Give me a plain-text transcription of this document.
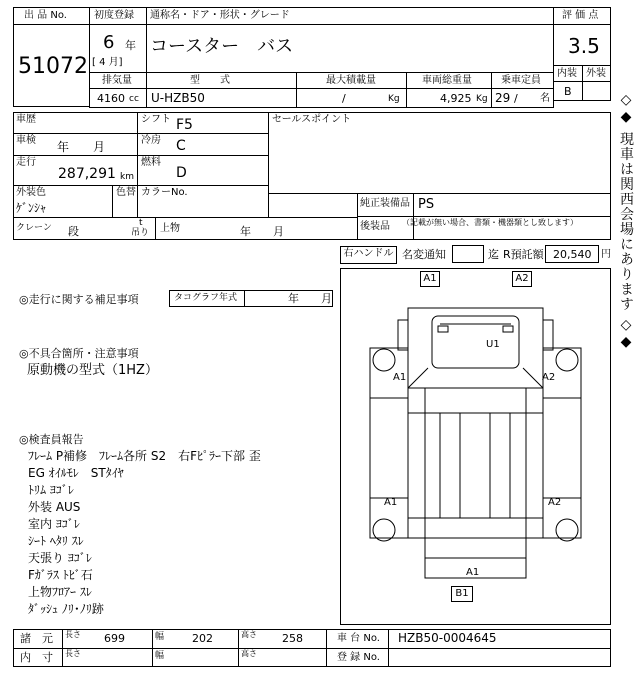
出 品 No.
51072
初度登録
6 年
[ 4 月]
通称名・ドア・形状・グレード
コースター　バス
評 価 点
3.5
内装 外装
B
排気量	型　　式	最大積載量	車両総重量	乗車定員
4160 cc U-HZB50	/	Kg	4,925 Kg 29 / 名
車歴	シフト F5
車検 年　　月	冷房 C
走行
287,291 km
燃料
D
外装色
ｹﾞﾝｼｬ
色替 カラーNo.
セールスポイント
純正装備品 PS
後装品 （記載が無い場合、書類・機器類とし致します）
クレーン 段
t
吊り 上物	年　　月
右ハンドル 名変通知	迄 R預託額 20,540 円
◎走行に関する補足事項	タコグラフ年式	年　　月
◎不具合箇所・注意事項
原動機の型式（1HZ）
◎検査員報告
ﾌﾚｰﾑ P補修　ﾌﾚｰﾑ各所 S2　右Fﾋﾟﾗｰ下部 歪
EG ｵｲﾙﾓﾚ　STﾀｲﾔ
ﾄﾘﾑ ﾖｺﾞﾚ
外装 AUS
室内 ﾖｺﾞﾚ
ｼｰﾄ ﾍﾀﾘ ｽﾚ
天張り ﾖｺﾞﾚ
Fｶﾞﾗｽ ﾄﾋﾞ石
上物ﾌﾛｱｰ ｽﾚ
ﾀﾞｯｼｭ ﾉﾘ･ﾉﾘ跡
A1	A2
U1
A1	A2
A1	A2
A1
B1
諸　元 長さ 699	幅	202	高さ 258	車 台 No. HZB50-0004645
内　寸 長さ	幅	高さ	登 録 No.
◇◆ 現車は関西会場にあります ◇◆
